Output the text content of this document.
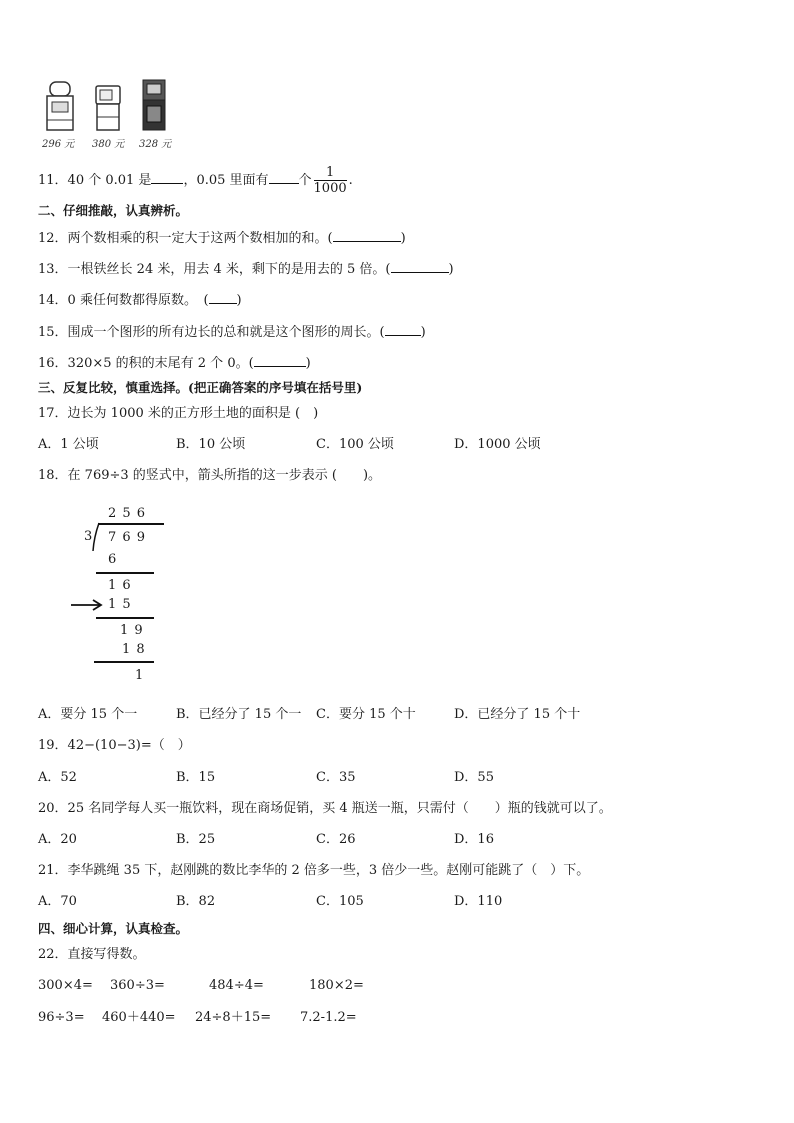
296 元 380 元 328 元
11．40 个 0.01 是 ，0.05 里面有 个 $\frac{1}{1000}$ .
二、仔细推敲，认真辨析。
12．两个数相乘的积一定大于这两个数相加的和。(	)
13．一根铁丝长 24 米，用去 4 米，剩下的是用去的 5 倍。(	)
14．0 乘任何数都得原数。　( )
15．围成一个图形的所有边长的总和就是这个图形的周长。(	)
16．320×5 的积的末尾有 2 个 0。(	)
三、反复比较，慎重选择。(把正确答案的序号填在括号里)
17．边长为 1000 米的正方形土地的面积是 (　)
A．1 公顷	B．10 公顷	C．100 公顷	D．1000 公顷
18．在 769÷3 的竖式中，箭头所指的这一步表示 (　　)。
2 5 6
3 7 6 9
6
1 6
1 5
1 9
1 8
1
A．要分 15 个一	B．已经分了 15 个一 C．要分 15 个十	D．已经分了 15 个十
19．42−(10−3)=（　）
A．52	B．15	C．35	D．55
20．25 名同学每人买一瓶饮料，现在商场促销，买 4 瓶送一瓶，只需付（　　）瓶的钱就可以了。
A．20	B．25	C．26	D．16
21．李华跳绳 35 下，赵刚跳的数比李华的 2 倍多一些，3 倍少一些。赵刚可能跳了（　）下。
A．70	B．82	C．105	D．110
四、细心计算，认真检查。
22．直接写得数。
300×4= 360÷3=	484÷4=	180×2=
96÷3= 460＋440= 24÷8＋15= 7.2-1.2=
